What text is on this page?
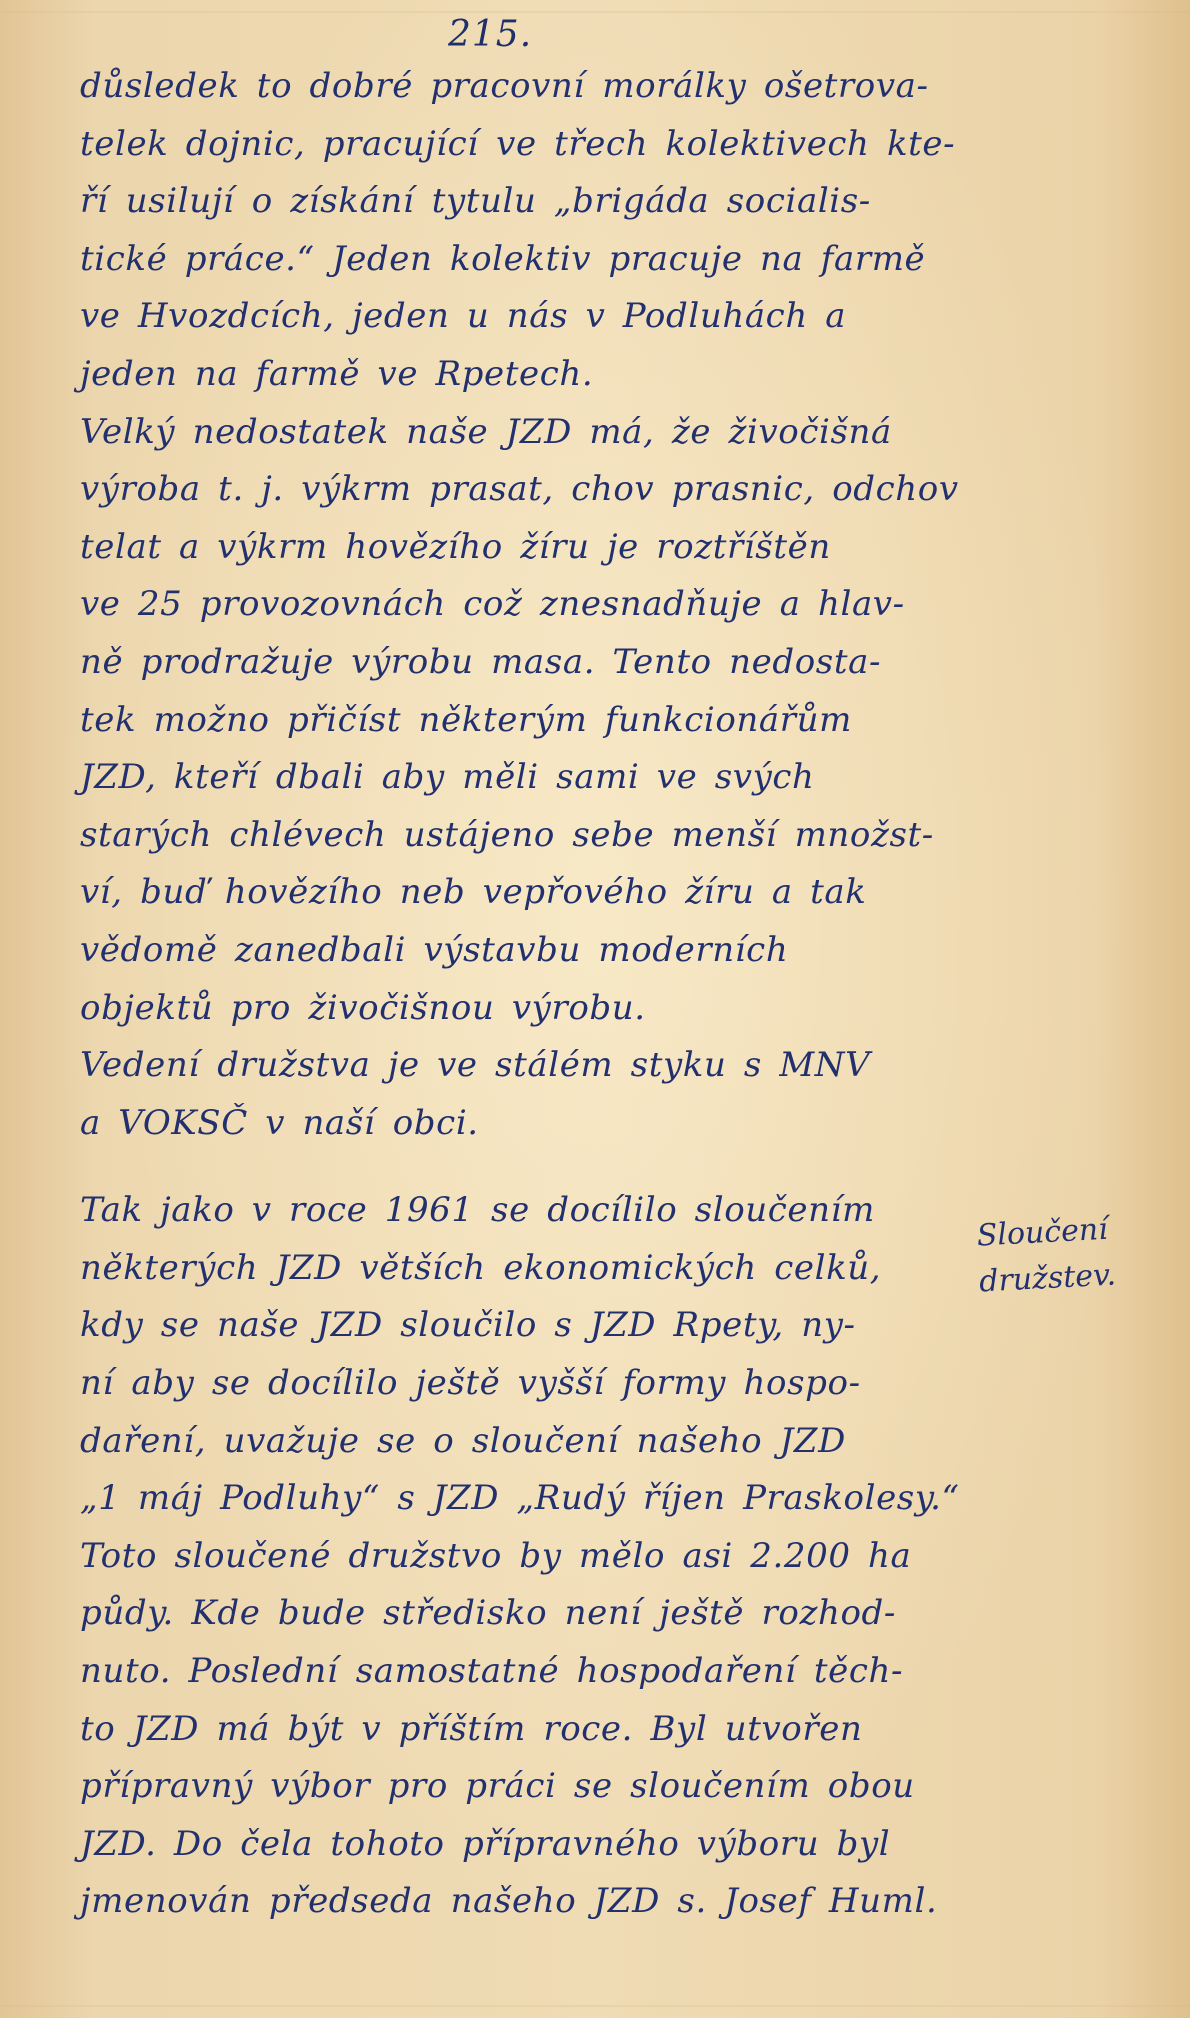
215.
důsledek to dobré pracovní morálky ošetrova-
telek dojnic, pracující ve třech kolektivech kte-
ří usilují o získání tytulu „brigáda socialis-
tické práce.“ Jeden kolektiv pracuje na farmě
ve Hvozdcích, jeden u nás v Podluhách a
jeden na farmě ve Rpetech.
Velký nedostatek naše JZD má, že živočišná
výroba t. j. výkrm prasat, chov prasnic, odchov
telat a výkrm hovězího žíru je roztříštěn
ve 25 provozovnách což znesnadňuje a hlav-
ně prodražuje výrobu masa. Tento nedosta-
tek možno přičíst některým funkcionářům
JZD, kteří dbali aby měli sami ve svých
starých chlévech ustájeno sebe menší množst-
ví, buď hovězího neb vepřového žíru a tak
vědomě zanedbali výstavbu moderních
objektů pro živočišnou výrobu.
Vedení družstva je ve stálém styku s MNV
a VOKSČ v naší obci.
Tak jako v roce 1961 se docílilo sloučením
některých JZD větších ekonomických celků,
kdy se naše JZD sloučilo s JZD Rpety, ny-
ní aby se docílilo ještě vyšší formy hospo-
daření, uvažuje se o sloučení našeho JZD
„1 máj Podluhy“ s JZD „Rudý říjen Praskolesy.“
Toto sloučené družstvo by mělo asi 2.200 ha
půdy. Kde bude středisko není ještě rozhod-
nuto. Poslední samostatné hospodaření těch-
to JZD má být v příštím roce. Byl utvořen
přípravný výbor pro práci se sloučením obou
JZD. Do čela tohoto přípravného výboru byl
jmenován předseda našeho JZD s. Josef Huml.
Sloučení
družstev.
